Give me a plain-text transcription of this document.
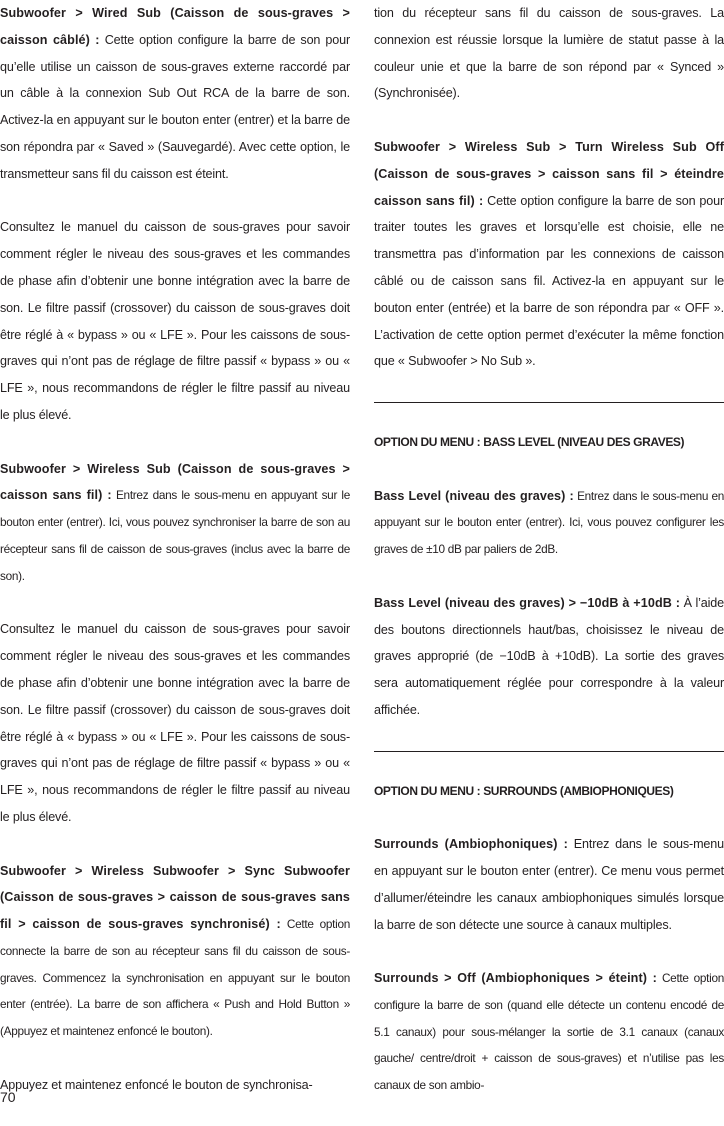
Subwoofer > Wired Sub (Caisson de sous-graves > caisson câblé) : Cette option configure la barre de son pour qu’elle utilise un caisson de sous-graves externe raccordé par un câble à la connexion Sub Out RCA de la barre de son. Activez-la en appuyant sur le bouton enter (entrer) et la barre de son répondra par « Saved » (Sauvegardé). Avec cette option, le transmetteur sans fil du caisson est éteint.

Consultez le manuel du caisson de sous-graves pour savoir comment régler le niveau des sous-graves et les commandes de phase afin d’obtenir une bonne intégration avec la barre de son. Le filtre passif (crossover) du caisson de sous-graves doit être réglé à « bypass » ou « LFE ». Pour les caissons de sous-graves qui n’ont pas de réglage de filtre passif « bypass » ou « LFE », nous recommandons de régler le filtre passif au niveau le plus élevé.

Subwoofer > Wireless Sub (Caisson de sous-graves > caisson sans fil) : Entrez dans le sous-menu en appuyant sur le bouton enter (entrer). Ici, vous pouvez synchroniser la barre de son au récepteur sans fil de caisson de sous-graves (inclus avec la barre de son).

Consultez le manuel du caisson de sous-graves pour savoir comment régler le niveau des sous-graves et les commandes de phase afin d’obtenir une bonne intégration avec la barre de son. Le filtre passif (crossover) du caisson de sous-graves doit être réglé à « bypass » ou « LFE ». Pour les caissons de sous-graves qui n’ont pas de réglage de filtre passif « bypass » ou « LFE », nous recommandons de régler le filtre passif au niveau le plus élevé.

Subwoofer > Wireless Subwoofer > Sync Subwoofer (Caisson de sous-graves > caisson de sous-graves sans fil > caisson de sous-graves synchronisé) : Cette option connecte la barre de son au récepteur sans fil du caisson de sous-graves. Commencez la synchronisation en appuyant sur le bouton enter (entrée). La barre de son affichera « Push and Hold Button » (Appuyez et maintenez enfoncé le bouton).

Appuyez et maintenez enfoncé le bouton de synchronisa-

tion du récepteur sans fil du caisson de sous-graves. La connexion est réussie lorsque la lumière de statut passe à la couleur unie et que la barre de son répond par « Synced » (Synchronisée).

Subwoofer > Wireless Sub > Turn Wireless Sub Off (Caisson de sous-graves > caisson sans fil > éteindre caisson sans fil) : Cette option configure la barre de son pour traiter toutes les graves et lorsqu’elle est choisie, elle ne transmettra pas d’information par les connexions de caisson câblé ou de caisson sans fil. Activez-la en appuyant sur le bouton enter (entrée) et la barre de son répondra par « OFF ». L’activation de cette option permet d’exécuter la même fonction que « Subwoofer > No Sub ».

OPTION DU MENU : BASS LEVEL (NIVEAU DES GRAVES)

Bass Level (niveau des graves) : Entrez dans le sous-menu en appuyant sur le bouton enter (entrer). Ici, vous pouvez configurer les graves de ±10 dB par paliers de 2dB.

Bass Level (niveau des graves) > −10dB à +10dB : À l’aide des boutons directionnels haut/bas, choisissez le niveau de graves approprié (de −10dB à +10dB). La sortie des graves sera automatiquement réglée pour correspondre à la valeur affichée.

OPTION DU MENU : SURROUNDS (AMBIOPHONIQUES)

Surrounds (Ambiophoniques) : Entrez dans le sous-menu en appuyant sur le bouton enter (entrer). Ce menu vous permet d’allumer/éteindre les canaux ambiophoniques simulés lorsque la barre de son détecte une source à canaux multiples.

Surrounds > Off (Ambiophoniques > éteint) : Cette option configure la barre de son (quand elle détecte un contenu encodé de 5.1 canaux) pour sous-mélanger la sortie de 3.1 canaux (canaux gauche/ centre/droit + caisson de sous-graves) et n’utilise pas les canaux de son ambio-

70
